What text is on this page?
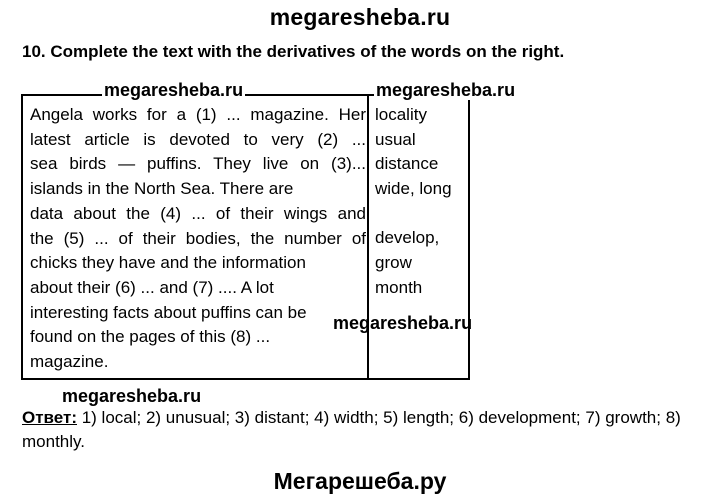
megaresheba.ru
10. Complete the text with the derivatives of the words on the right.
Angela works for a (1) ... magazine. Her
latest article is devoted to very (2) ...
sea birds — puffins. They live on (3)...
islands in the North Sea. There are
data about the (4) ... of their wings and
the (5) ... of their bodies, the number of
chicks they have and the information
about their (6) ... and (7) .... A lot
interesting facts about puffins can be
found on the pages of this (8) ...
magazine.
locality
usual
distance
wide, long
develop,
grow
month
megaresheba.ru	megaresheba.ru
megaresheba.ru
megaresheba.ru
Ответ: 1) local; 2) unusual; 3) distant; 4) width; 5) length; 6) development; 7) growth; 8) monthly.
Мегарешеба.ру
